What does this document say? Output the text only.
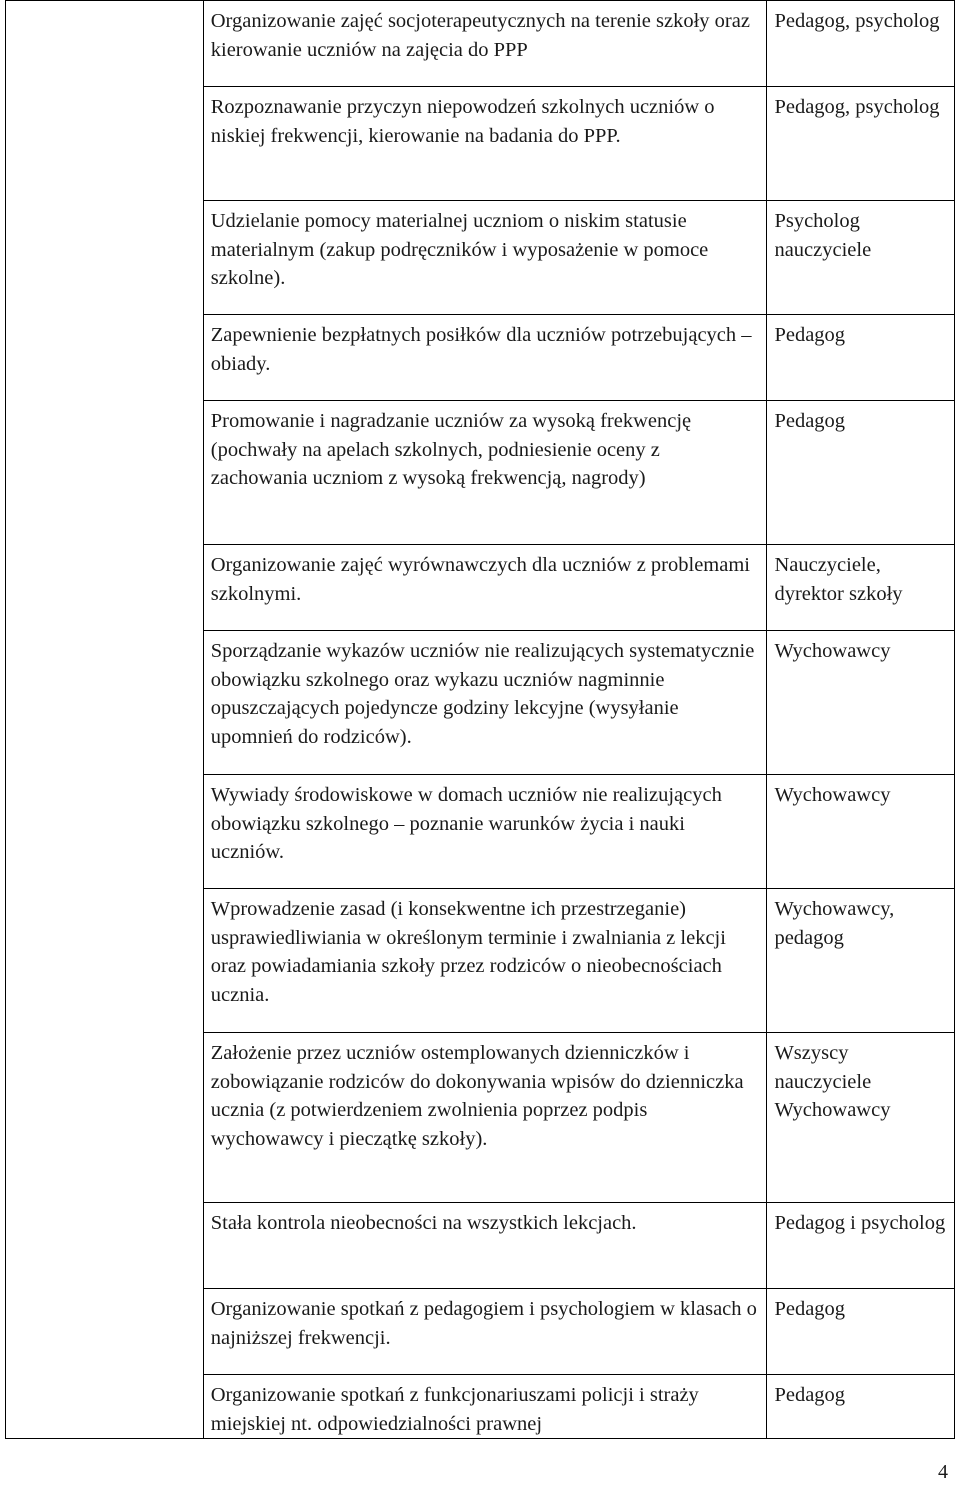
	Organizowanie zajęć socjoterapeutycznych na terenie szkoły oraz kierowanie uczniów na zajęcia do PPP	Pedagog, psycholog

	Rozpoznawanie przyczyn niepowodzeń szkolnych uczniów o niskiej frekwencji, kierowanie na badania do PPP.	Pedagog, psycholog

	Udzielanie pomocy materialnej uczniom o niskim statusie materialnym (zakup podręczników i wyposażenie w pomoce szkolne).	Psycholog nauczyciele

	Zapewnienie bezpłatnych posiłków dla uczniów potrzebujących – obiady.	Pedagog

	Promowanie i nagradzanie uczniów za wysoką frekwencję (pochwały na apelach szkolnych, podniesienie oceny z zachowania uczniom z wysoką frekwencją, nagrody)	Pedagog

	Organizowanie zajęć wyrównawczych dla uczniów z problemami szkolnymi.	Nauczyciele, dyrektor szkoły

	Sporządzanie wykazów uczniów nie realizujących systematycznie obowiązku szkolnego oraz wykazu uczniów nagminnie opuszczających pojedyncze godziny lekcyjne (wysyłanie upomnień do rodziców).	Wychowawcy

	Wywiady środowiskowe w domach uczniów nie realizujących obowiązku szkolnego – poznanie warunków życia i nauki uczniów.	Wychowawcy

	Wprowadzenie zasad (i konsekwentne ich przestrzeganie) usprawiedliwiania w określonym terminie i zwalniania z lekcji oraz powiadamiania szkoły przez rodziców o nieobecnościach ucznia.	Wychowawcy, pedagog

	Założenie przez uczniów ostemplowanych dzienniczków i zobowiązanie rodziców do dokonywania wpisów do dzienniczka ucznia (z potwierdzeniem zwolnienia poprzez podpis wychowawcy i pieczątkę szkoły).	Wszyscy nauczyciele Wychowawcy

	Stała kontrola nieobecności na wszystkich lekcjach.	Pedagog i psycholog

	Organizowanie spotkań z pedagogiem i psychologiem w klasach o najniższej frekwencji.	Pedagog

	Organizowanie spotkań z funkcjonariuszami policji i straży miejskiej nt. odpowiedzialności prawnej	Pedagog
4
